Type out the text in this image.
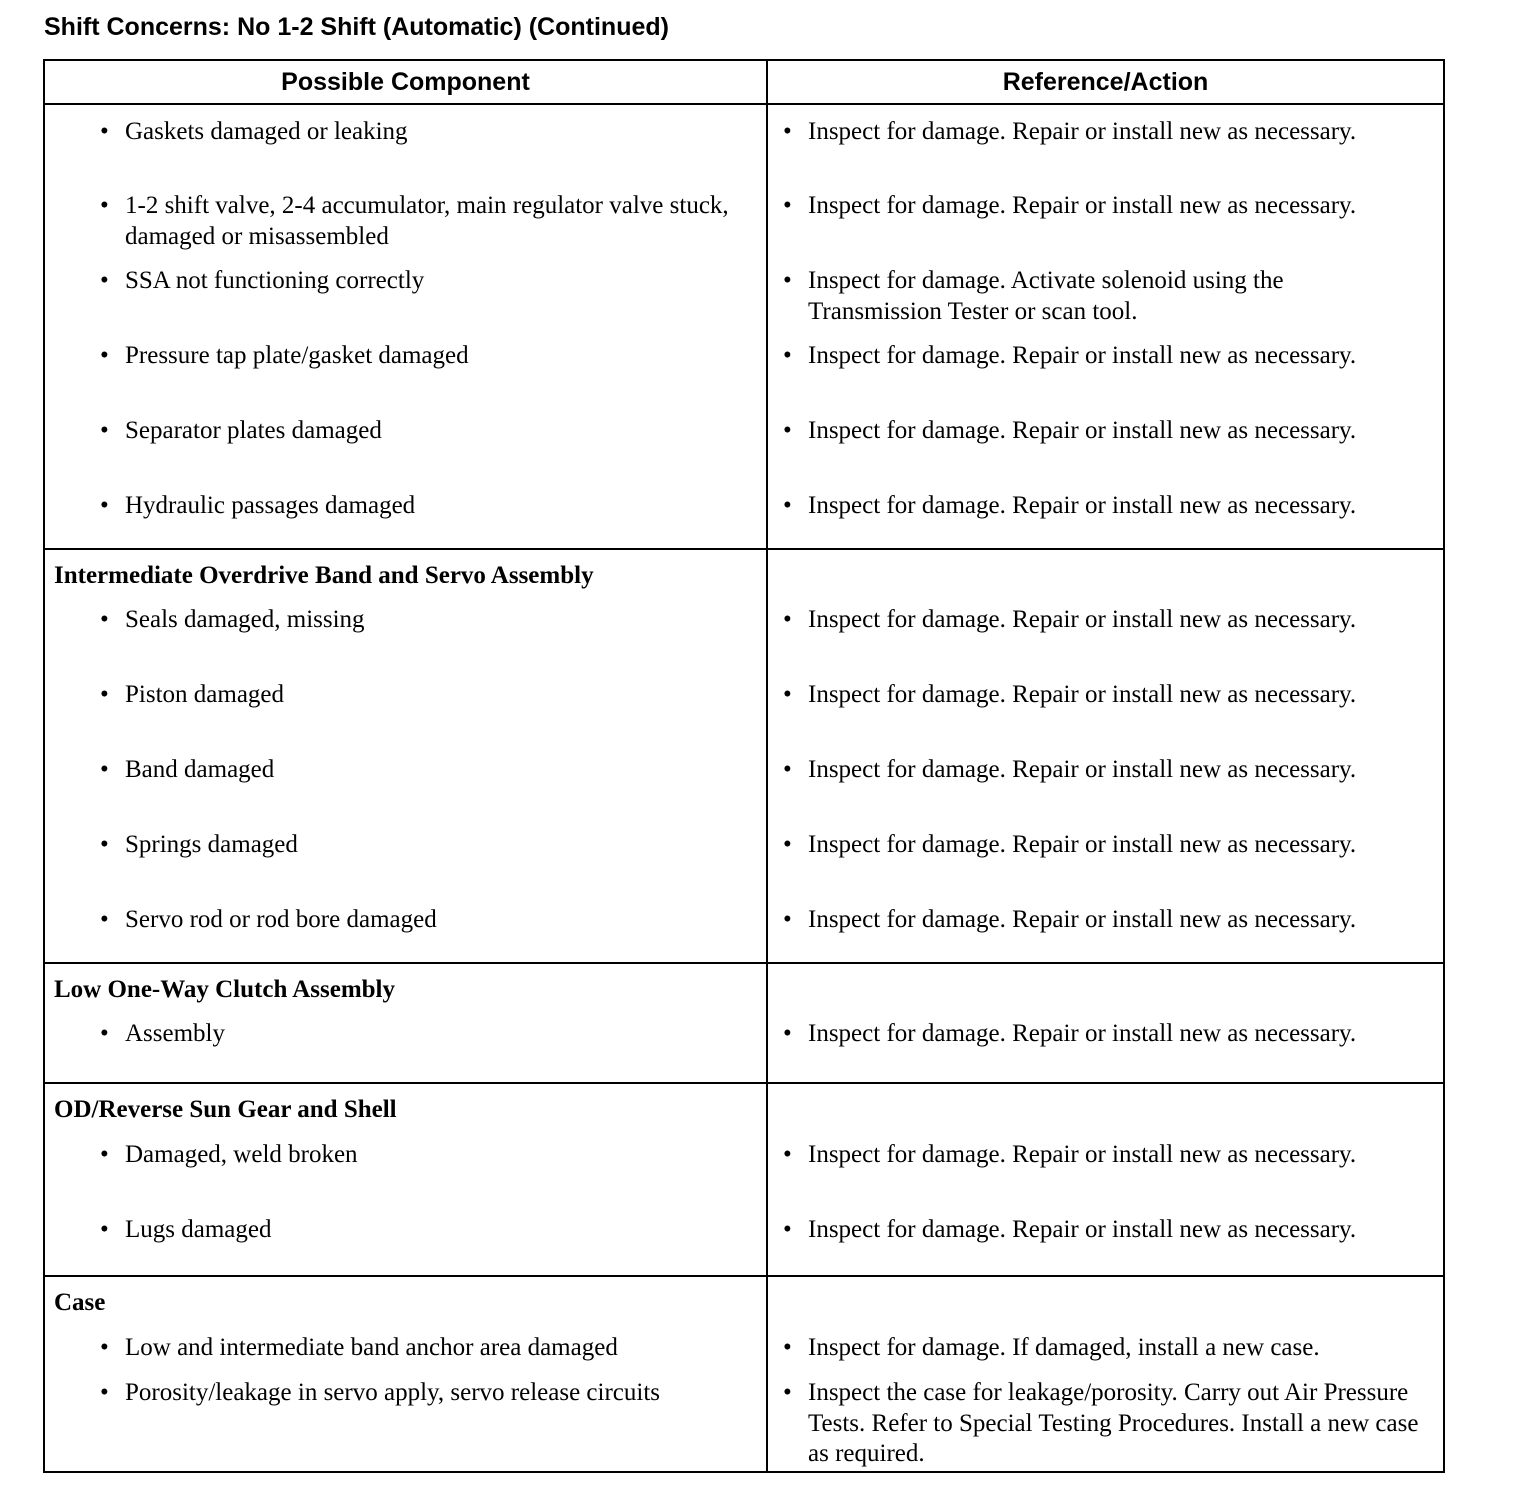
Shift Concerns: No 1-2 Shift (Automatic) (Continued)
Possible Component	Reference/Action

• Gaskets damaged or leaking	• Inspect for damage. Repair or install new as necessary.

• 1-2 shift valve, 2-4 accumulator, main regulator valve stuck, damaged or misassembled	• Inspect for damage. Repair or install new as necessary.

• SSA not functioning correctly	• Inspect for damage. Activate solenoid using the Transmission Tester or scan tool.

• Pressure tap plate/gasket damaged	• Inspect for damage. Repair or install new as necessary.

• Separator plates damaged	• Inspect for damage. Repair or install new as necessary.

• Hydraulic passages damaged	• Inspect for damage. Repair or install new as necessary.

Intermediate Overdrive Band and Servo Assembly	

• Seals damaged, missing	• Inspect for damage. Repair or install new as necessary.

• Piston damaged	• Inspect for damage. Repair or install new as necessary.

• Band damaged	• Inspect for damage. Repair or install new as necessary.

• Springs damaged	• Inspect for damage. Repair or install new as necessary.

• Servo rod or rod bore damaged	• Inspect for damage. Repair or install new as necessary.

Low One-Way Clutch Assembly	

• Assembly	• Inspect for damage. Repair or install new as necessary.

OD/Reverse Sun Gear and Shell	

• Damaged, weld broken	• Inspect for damage. Repair or install new as necessary.

• Lugs damaged	• Inspect for damage. Repair or install new as necessary.

Case	

• Low and intermediate band anchor area damaged	• Inspect for damage. If damaged, install a new case.

• Porosity/leakage in servo apply, servo release circuits	• Inspect the case for leakage/porosity. Carry out Air Pressure Tests. Refer to Special Testing Procedures. Install a new case as required.
